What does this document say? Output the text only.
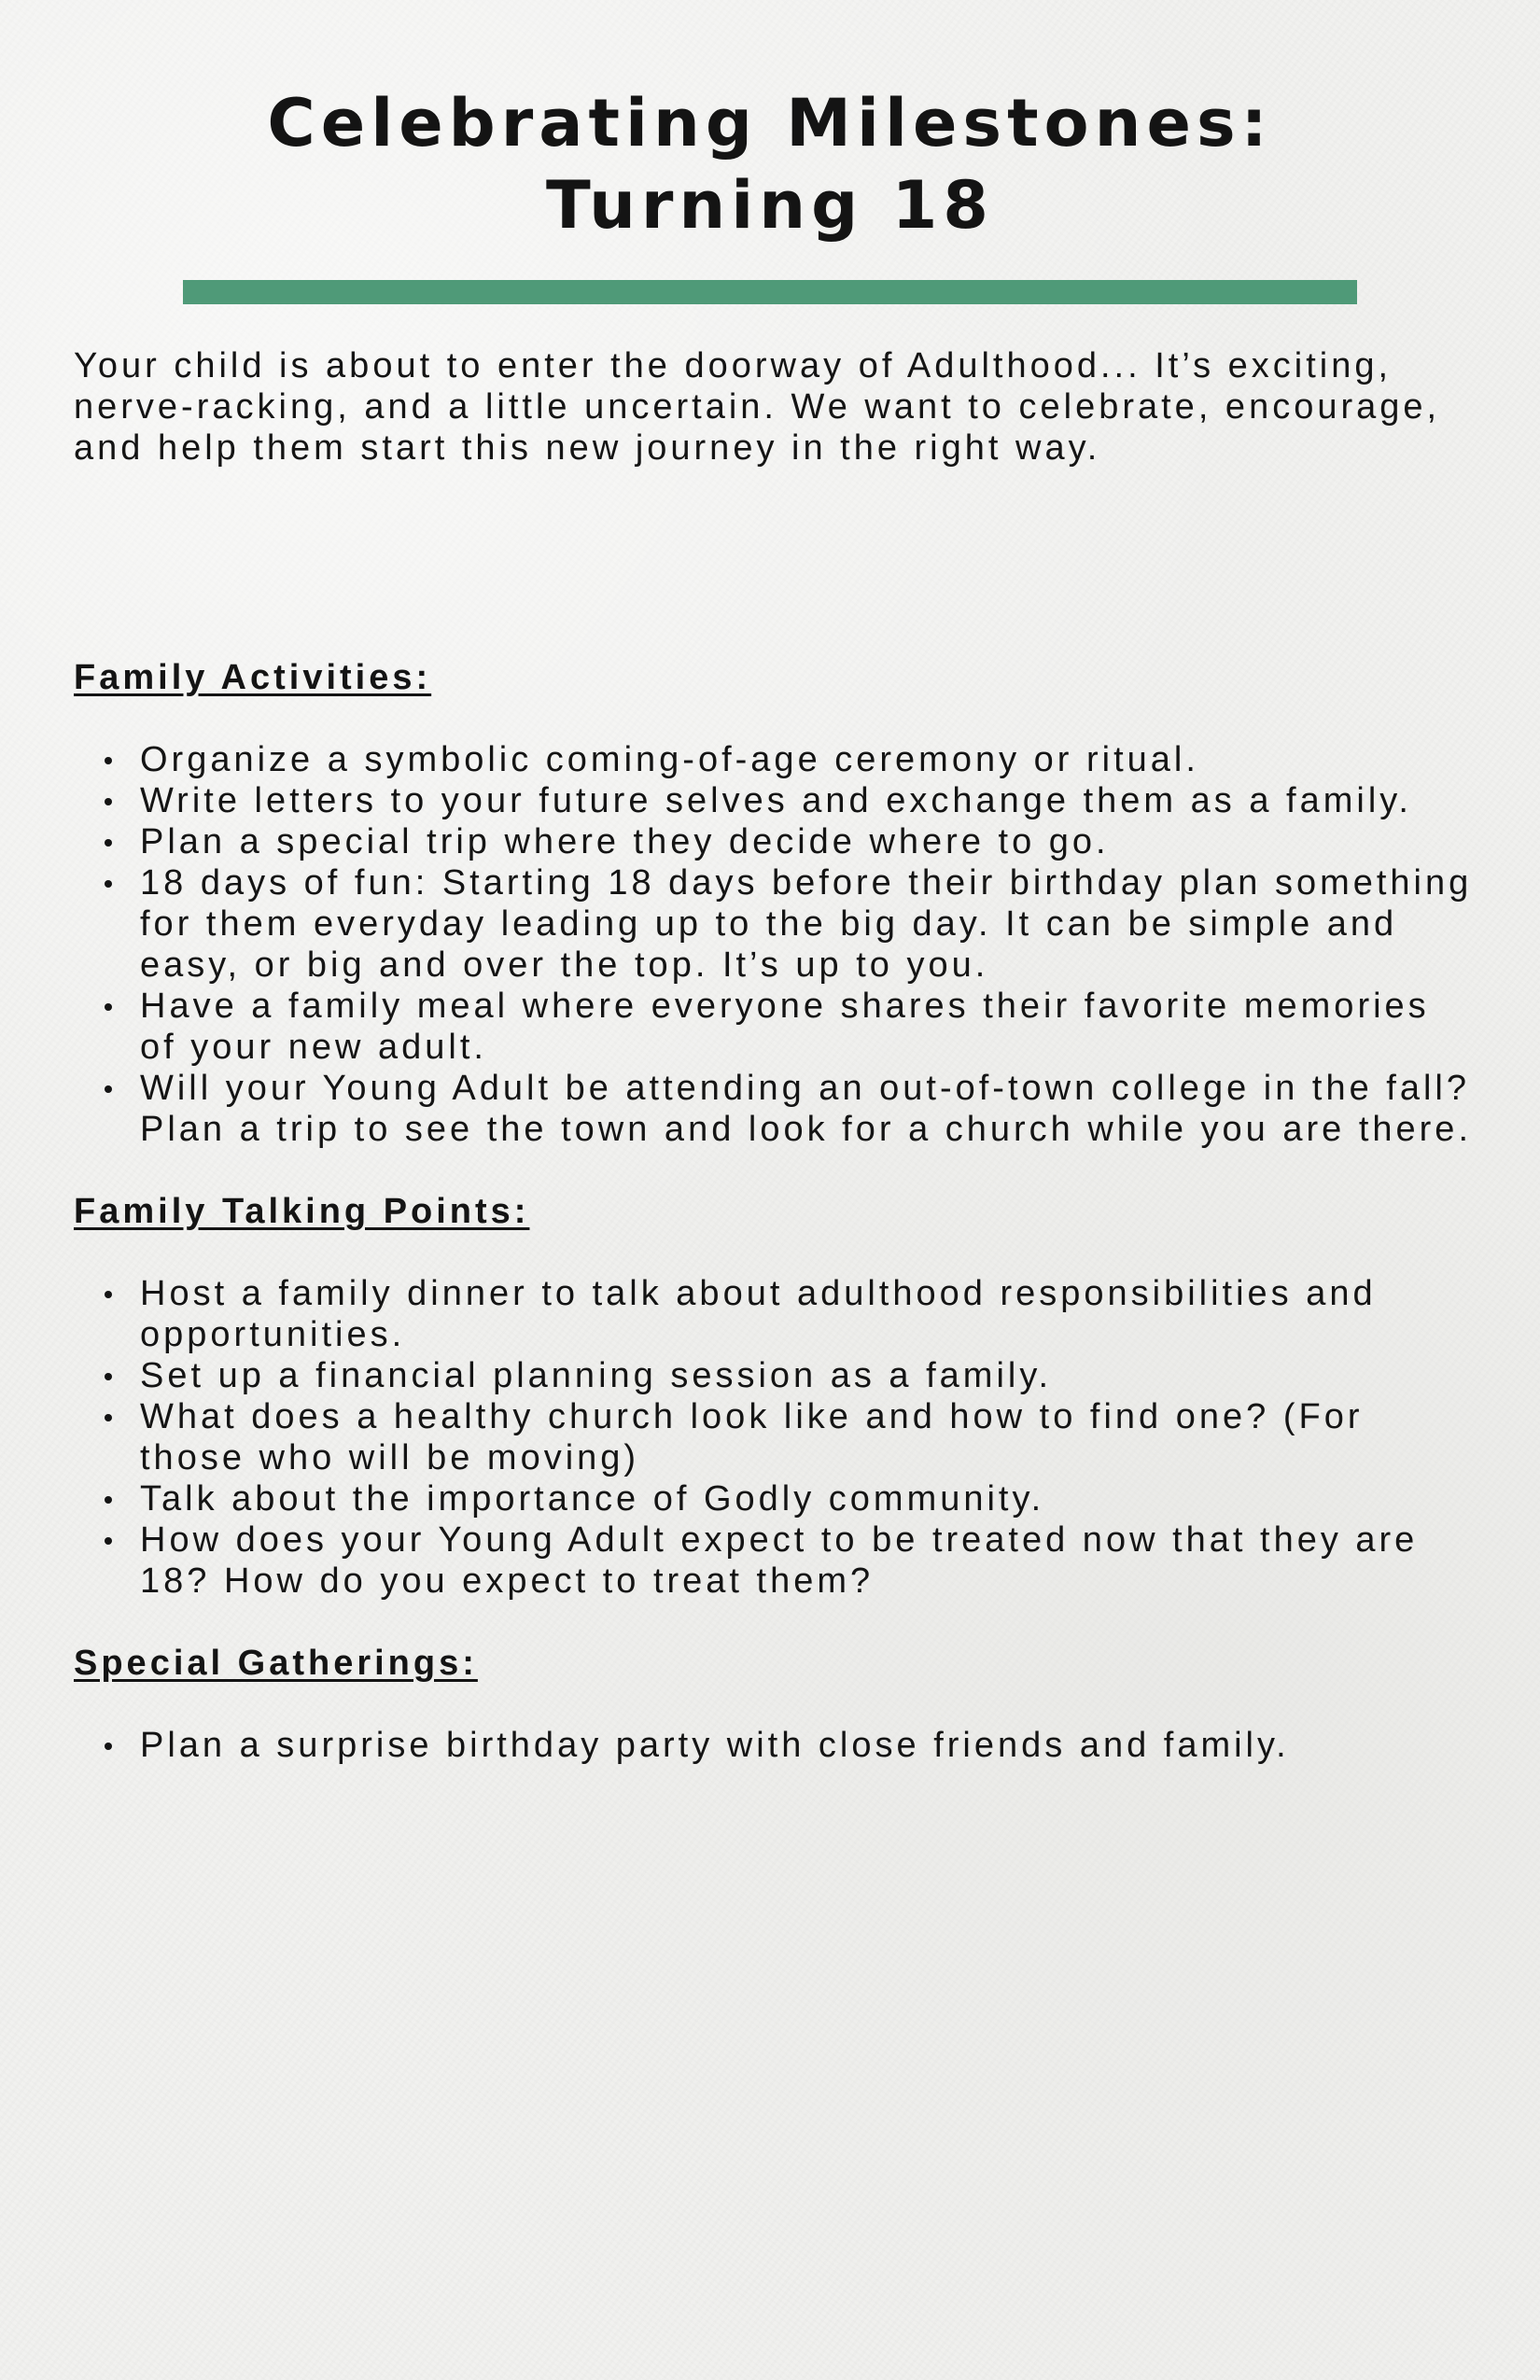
Celebrating Milestones:
Turning 18

Your child is about to enter the doorway of Adulthood... It’s exciting, nerve-racking, and a little uncertain. We want to celebrate, encourage, and help them start this new journey in the right way.

Family Activities:
Organize a symbolic coming-of-age ceremony or ritual.
Write letters to your future selves and exchange them as a family.
Plan a special trip where they decide where to go.
18 days of fun: Starting 18 days before their birthday plan something for them everyday leading up to the big day. It can be simple and easy, or big and over the top. It’s up to you.
Have a family meal where everyone shares their favorite memories of your new adult.
Will your Young Adult be attending an out-of-town college in the fall? Plan a trip to see the town and look for a church while you are there.
Family Talking Points:
Host a family dinner to talk about adulthood responsibilities and opportunities.
Set up a financial planning session as a family.
What does a healthy church look like and how to find one? (For those who will be moving)
Talk about the importance of Godly community.
How does your Young Adult expect to be treated now that they are 18? How do you expect to treat them?
Special Gatherings:
Plan a surprise birthday party with close friends and family.
